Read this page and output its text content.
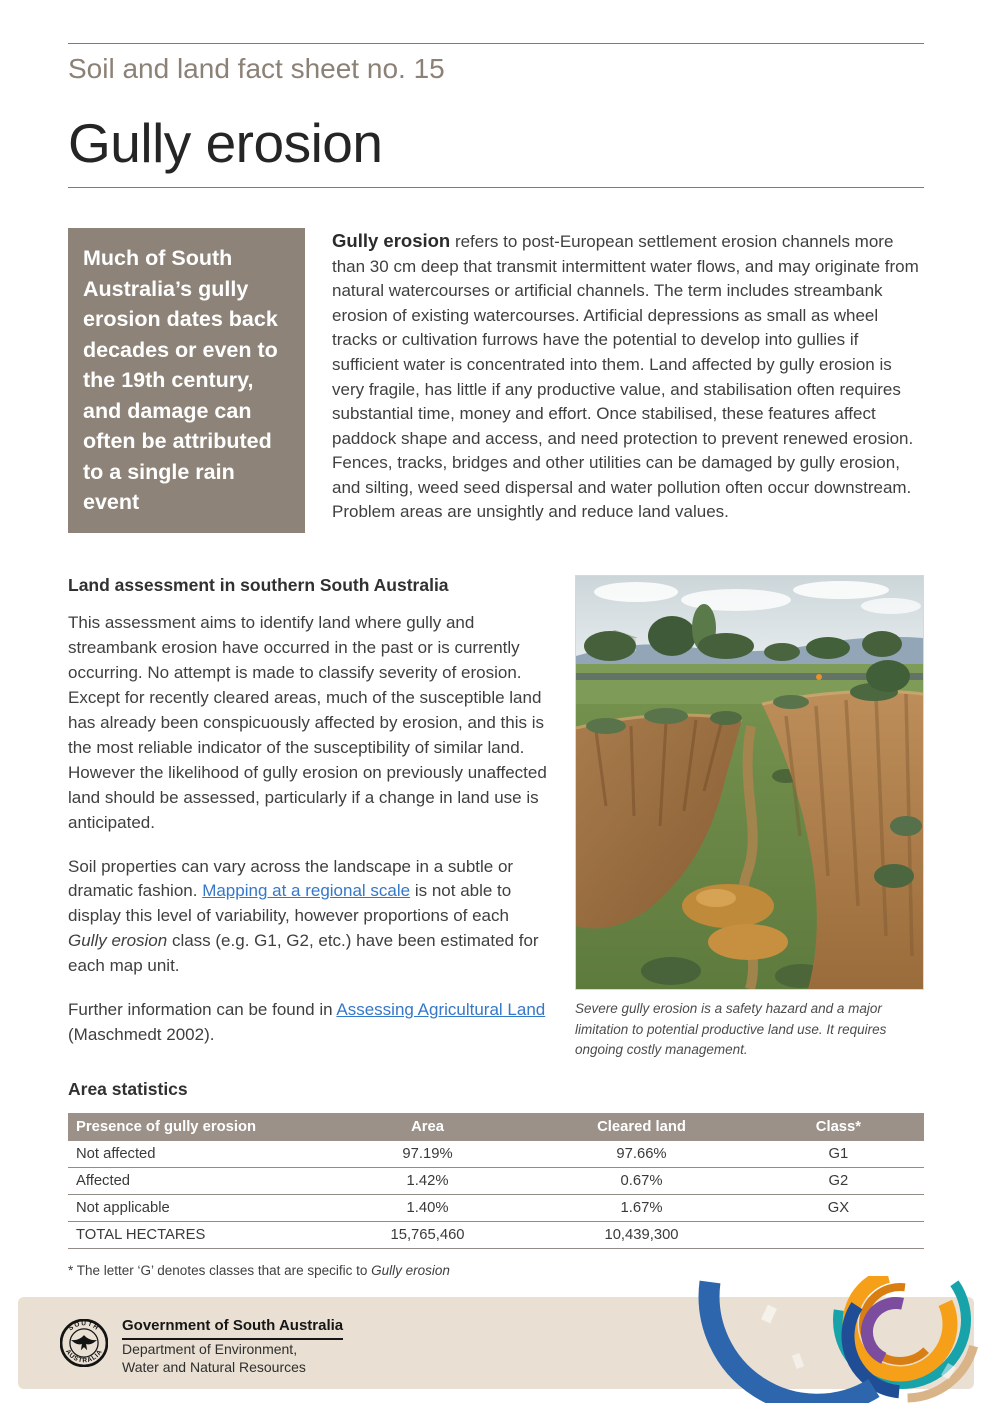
Soil and land fact sheet no. 15
Gully erosion
Much of South Australia’s gully erosion dates back decades or even to the 19th century, and damage can often be attributed to a single rain event

Gully erosion refers to post-European settlement erosion channels more than 30 cm deep that transmit intermittent water flows, and may originate from natural watercourses or artificial channels. The term includes streambank erosion of existing watercourses. Artificial depressions as small as wheel tracks or cultivation furrows have the potential to develop into gullies if sufficient water is concentrated into them. Land affected by gully erosion is very fragile, has little if any productive value, and stabilisation often requires substantial time, money and effort. Once stabilised, these features affect paddock shape and access, and need protection to prevent renewed erosion. Fences, tracks, bridges and other utilities can be damaged by gully erosion, and silting, weed seed dispersal and water pollution often occur downstream. Problem areas are unsightly and reduce land values.

Land assessment in southern South Australia

This assessment aims to identify land where gully and streambank erosion have occurred in the past or is currently occurring. No attempt is made to classify severity of erosion. Except for recently cleared areas, much of the susceptible land has already been conspicuously affected by erosion, and this is the most reliable indicator of the susceptibility of similar land. However the likelihood of gully erosion on previously unaffected land should be assessed, particularly if a change in land use is anticipated.

Soil properties can vary across the landscape in a subtle or dramatic fashion. Mapping at a regional scale is not able to display this level of variability, however proportions of each Gully erosion class (e.g. G1, G2, etc.) have been estimated for each map unit.

Further information can be found in Assessing Agricultural Land (Maschmedt 2002).

Severe gully erosion is a safety hazard and a major limitation to potential productive land use. It requires ongoing costly management.

Area statistics
Presence of gully erosion	Area	Cleared land	Class*
Not affected	97.19%	97.66%	G1
Affected	1.42%	0.67%	G2
Not applicable	1.40%	1.67%	GX
TOTAL HECTARES	15,765,460	10,439,300	

* The letter ‘G’ denotes classes that are specific to Gully erosion

SOUTH
AUSTRALIA
Government of South Australia
Department of Environment,
Water and Natural Resources
